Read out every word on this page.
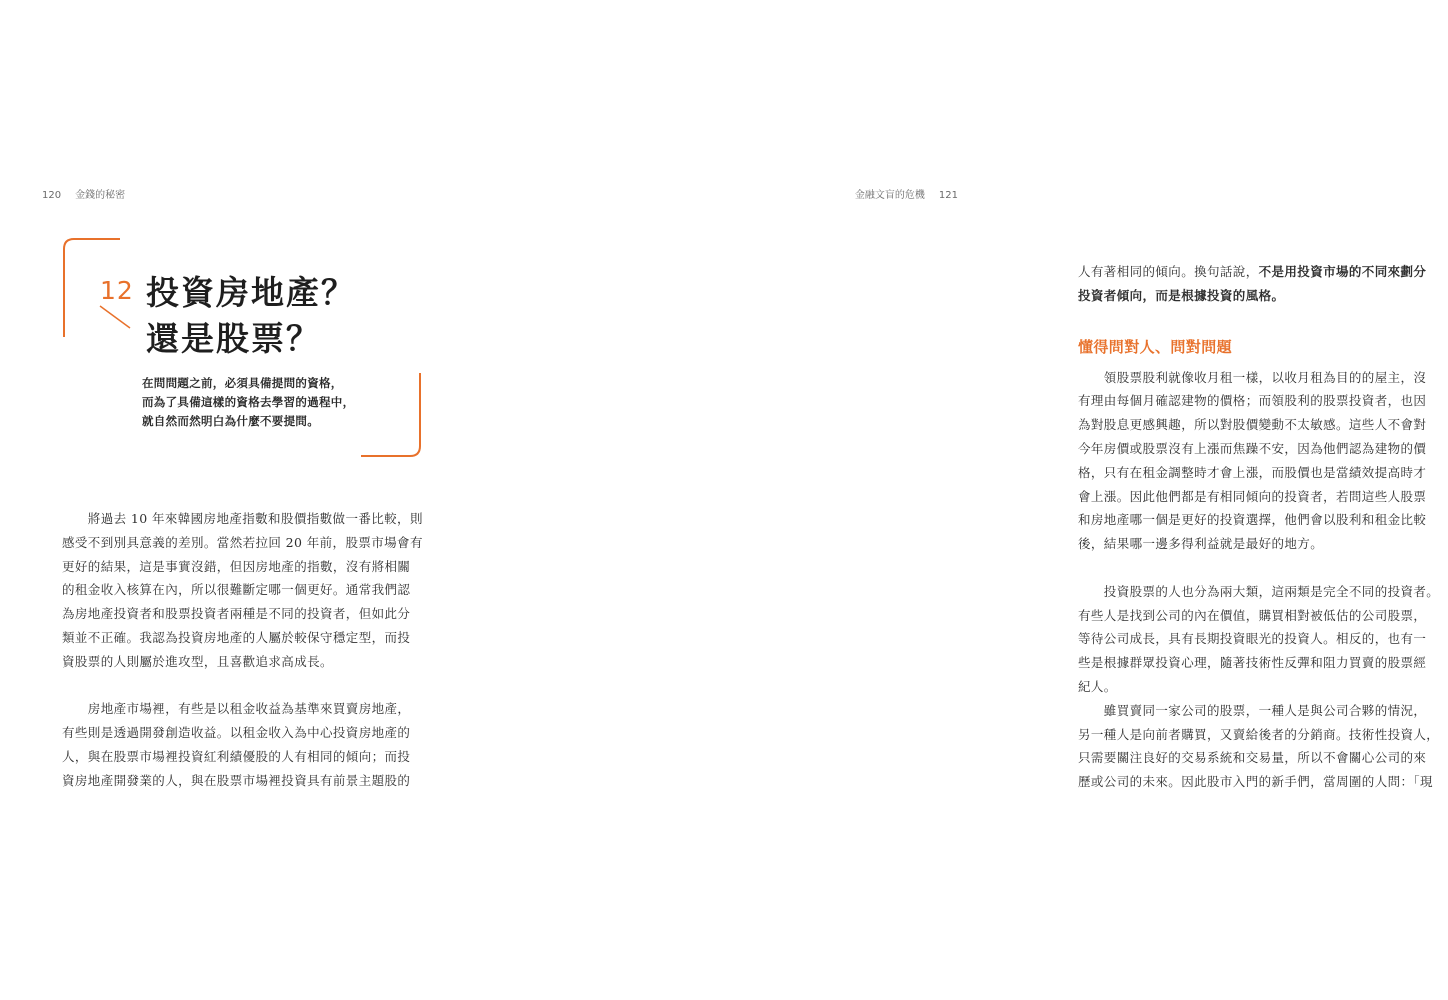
120 金錢的秘密
12 投資房地產？
還是股票？
在問問題之前，必須具備提問的資格，
而為了具備這樣的資格去學習的過程中，
就自然而然明白為什麼不要提問。
　　將過去 10 年來韓國房地產指數和股價指數做一番比較，則
感受不到別具意義的差別。當然若拉回 20 年前，股票市場會有
更好的結果，這是事實沒錯，但因房地產的指數，沒有將相關
的租金收入核算在內，所以很難斷定哪一個更好。通常我們認
為房地產投資者和股票投資者兩種是不同的投資者，但如此分
類並不正確。我認為投資房地產的人屬於較保守穩定型，而投
資股票的人則屬於進攻型，且喜歡追求高成長。
　　房地產市場裡，有些是以租金收益為基準來買賣房地產，
有些則是透過開發創造收益。以租金收入為中心投資房地產的
人，與在股票市場裡投資紅利績優股的人有相同的傾向；而投
資房地產開發業的人，與在股票市場裡投資具有前景主題股的
金融文盲的危機 121
人有著相同的傾向。換句話說，不是用投資市場的不同來劃分
投資者傾向，而是根據投資的風格。
懂得問對人、問對問題
　　領股票股利就像收月租一樣，以收月租為目的的屋主，沒
有理由每個月確認建物的價格；而領股利的股票投資者，也因
為對股息更感興趣，所以對股價變動不太敏感。這些人不會對
今年房價或股票沒有上漲而焦躁不安，因為他們認為建物的價
格，只有在租金調整時才會上漲，而股價也是當績效提高時才
會上漲。因此他們都是有相同傾向的投資者，若問這些人股票
和房地產哪一個是更好的投資選擇，他們會以股利和租金比較
後，結果哪一邊多得利益就是最好的地方。
　　投資股票的人也分為兩大類，這兩類是完全不同的投資者。
有些人是找到公司的內在價值，購買相對被低估的公司股票，
等待公司成長，具有長期投資眼光的投資人。相反的，也有一
些是根據群眾投資心理，隨著技術性反彈和阻力買賣的股票經
紀人。
　　雖買賣同一家公司的股票，一種人是與公司合夥的情況，
另一種人是向前者購買，又賣給後者的分銷商。技術性投資人，
只需要關注良好的交易系統和交易量，所以不會關心公司的來
歷或公司的未來。因此股市入門的新手們，當周圍的人問：「現
